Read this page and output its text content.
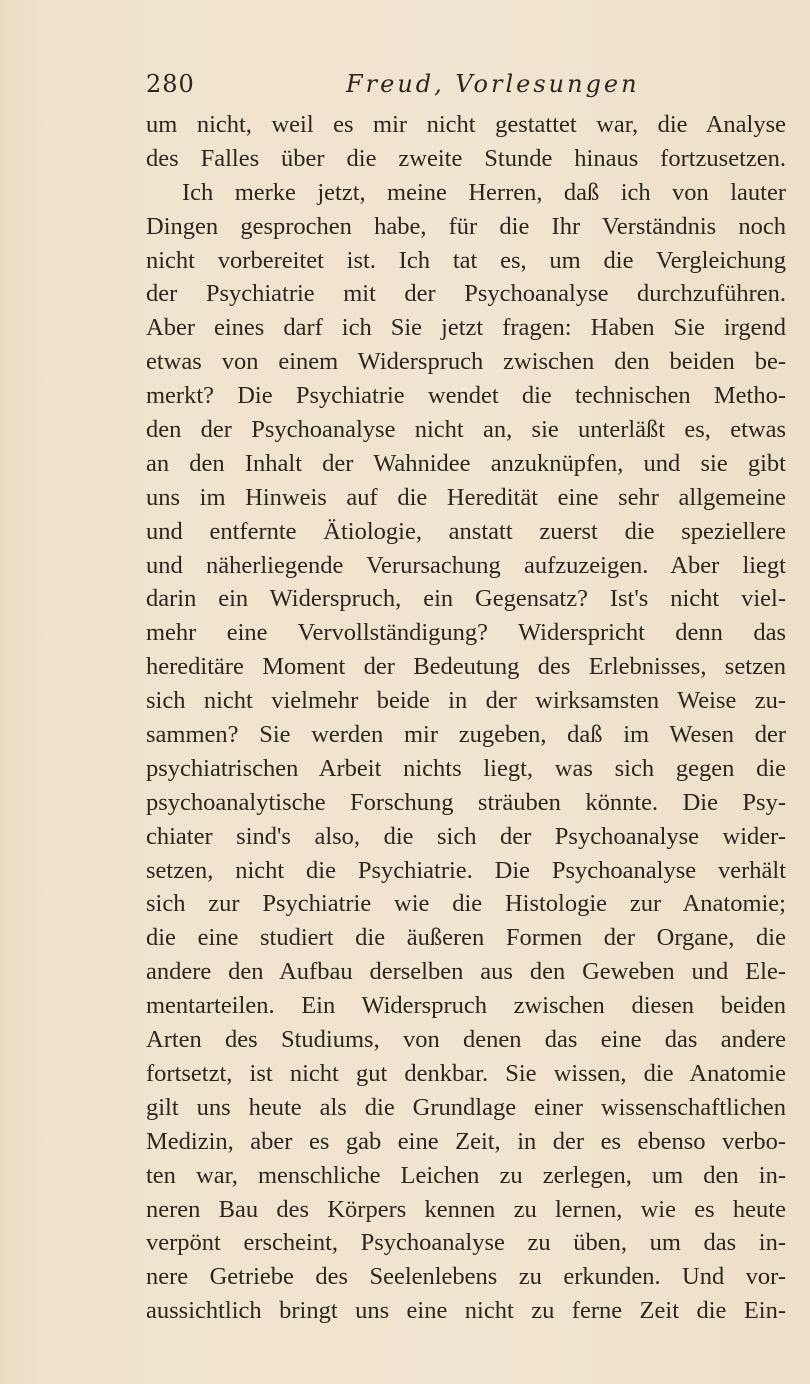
280	Freud, Vorlesungen
um nicht, weil es mir nicht gestattet war, die Analyse
des Falles über die zweite Stunde hinaus fortzusetzen.
Ich merke jetzt, meine Herren, daß ich von lauter
Dingen gesprochen habe, für die Ihr Verständnis noch
nicht vorbereitet ist. Ich tat es, um die Vergleichung
der Psychiatrie mit der Psychoanalyse durchzuführen.
Aber eines darf ich Sie jetzt fragen: Haben Sie irgend
etwas von einem Widerspruch zwischen den beiden be-
merkt? Die Psychiatrie wendet die technischen Metho-
den der Psychoanalyse nicht an, sie unterläßt es, etwas
an den Inhalt der Wahnidee anzuknüpfen, und sie gibt
uns im Hinweis auf die Heredität eine sehr allgemeine
und entfernte Ätiologie, anstatt zuerst die speziellere
und näherliegende Verursachung aufzuzeigen. Aber liegt
darin ein Widerspruch, ein Gegensatz? Ist's nicht viel-
mehr eine Vervollständigung? Widerspricht denn das
hereditäre Moment der Bedeutung des Erlebnisses, setzen
sich nicht vielmehr beide in der wirksamsten Weise zu-
sammen? Sie werden mir zugeben, daß im Wesen der
psychiatrischen Arbeit nichts liegt, was sich gegen die
psychoanalytische Forschung sträuben könnte. Die Psy-
chiater sind's also, die sich der Psychoanalyse wider-
setzen, nicht die Psychiatrie. Die Psychoanalyse verhält
sich zur Psychiatrie wie die Histologie zur Anatomie;
die eine studiert die äußeren Formen der Organe, die
andere den Aufbau derselben aus den Geweben und Ele-
mentarteilen. Ein Widerspruch zwischen diesen beiden
Arten des Studiums, von denen das eine das andere
fortsetzt, ist nicht gut denkbar. Sie wissen, die Anatomie
gilt uns heute als die Grundlage einer wissenschaftlichen
Medizin, aber es gab eine Zeit, in der es ebenso verbo-
ten war, menschliche Leichen zu zerlegen, um den in-
neren Bau des Körpers kennen zu lernen, wie es heute
verpönt erscheint, Psychoanalyse zu üben, um das in-
nere Getriebe des Seelenlebens zu erkunden. Und vor-
aussichtlich bringt uns eine nicht zu ferne Zeit die Ein-
